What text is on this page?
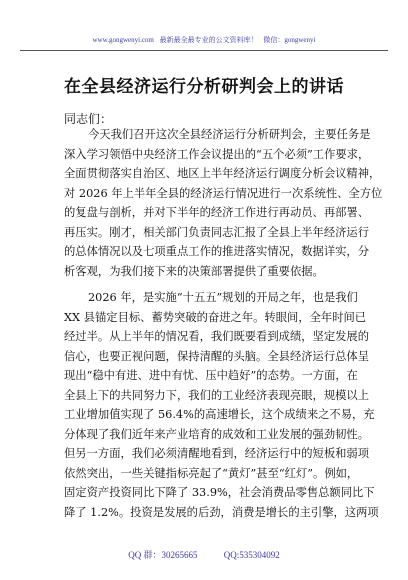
www.gongwenyi.com 最新最全最专业的公文资料库！ 微信：gongwenyi
在全县经济运行分析研判会上的讲话
同志们：
今天我们召开这次全县经济运行分析研判会，主要任务是
深入学习领悟中央经济工作会议提出的“五个必须”工作要求，
全面贯彻落实自治区、地区上半年经济运行调度分析会议精神，
对 2026 年上半年全县的经济运行情况进行一次系统性、全方位
的复盘与剖析，并对下半年的经济工作进行再动员、再部署、
再压实。刚才，相关部门负责同志汇报了全县上半年经济运行
的总体情况以及七项重点工作的推进落实情况，数据详实，分
析客观，为我们接下来的决策部署提供了重要依据。
2026 年，是实施“十五五”规划的开局之年，也是我们
XX 县锚定目标、蓄势突破的奋进之年。转眼间，全年时间已
经过半。从上半年的情况看，我们既要看到成绩，坚定发展的
信心，也要正视问题，保持清醒的头脑。全县经济运行总体呈
现出“稳中有进、进中有忧、压中趋好”的态势。一方面，在
全县上下的共同努力下，我们的工业经济表现亮眼，规模以上
工业增加值实现了 56.4%的高速增长，这个成绩来之不易，充
分体现了我们近年来产业培育的成效和工业发展的强劲韧性。
但另一方面，我们必须清醒地看到，经济运行中的短板和弱项
依然突出，一些关键指标亮起了“黄灯”甚至“红灯”。例如，
固定资产投资同比下降了 33.9%，社会消费品零售总额同比下
降了 1.2%。投资是发展的后劲，消费是增长的主引擎，这两项
QQ 群：30265665	QQ:535304092
